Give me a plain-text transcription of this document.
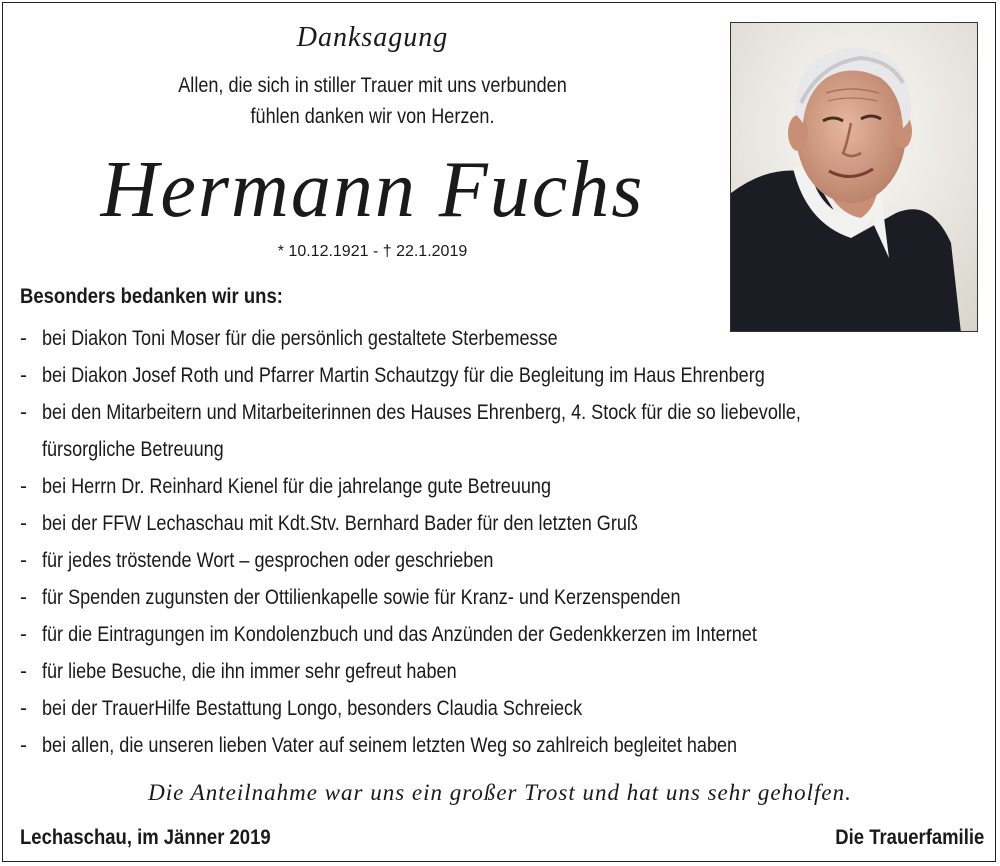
Danksagung
Allen, die sich in stiller Trauer mit uns verbunden
fühlen danken wir von Herzen.
Hermann Fuchs
* 10.12.1921 - † 22.1.2019
Besonders bedanken wir uns:
- bei Diakon Toni Moser für die persönlich gestaltete Sterbemesse
- bei Diakon Josef Roth und Pfarrer Martin Schautzgy für die Begleitung im Haus Ehrenberg
- bei den Mitarbeitern und Mitarbeiterinnen des Hauses Ehrenberg, 4. Stock für die so liebevolle, fürsorgliche Betreuung
- bei Herrn Dr. Reinhard Kienel für die jahrelange gute Betreuung
- bei der FFW Lechaschau mit Kdt.Stv. Bernhard Bader für den letzten Gruß
- für jedes tröstende Wort – gesprochen oder geschrieben
- für Spenden zugunsten der Ottilienkapelle sowie für Kranz- und Kerzenspenden
- für die Eintragungen im Kondolenzbuch und das Anzünden der Gedenkkerzen im Internet
- für liebe Besuche, die ihn immer sehr gefreut haben
- bei der TrauerHilfe Bestattung Longo, besonders Claudia Schreieck
- bei allen, die unseren lieben Vater auf seinem letzten Weg so zahlreich begleitet haben
Die Anteilnahme war uns ein großer Trost und hat uns sehr geholfen.
Lechaschau, im Jänner 2019	Die Trauerfamilie
